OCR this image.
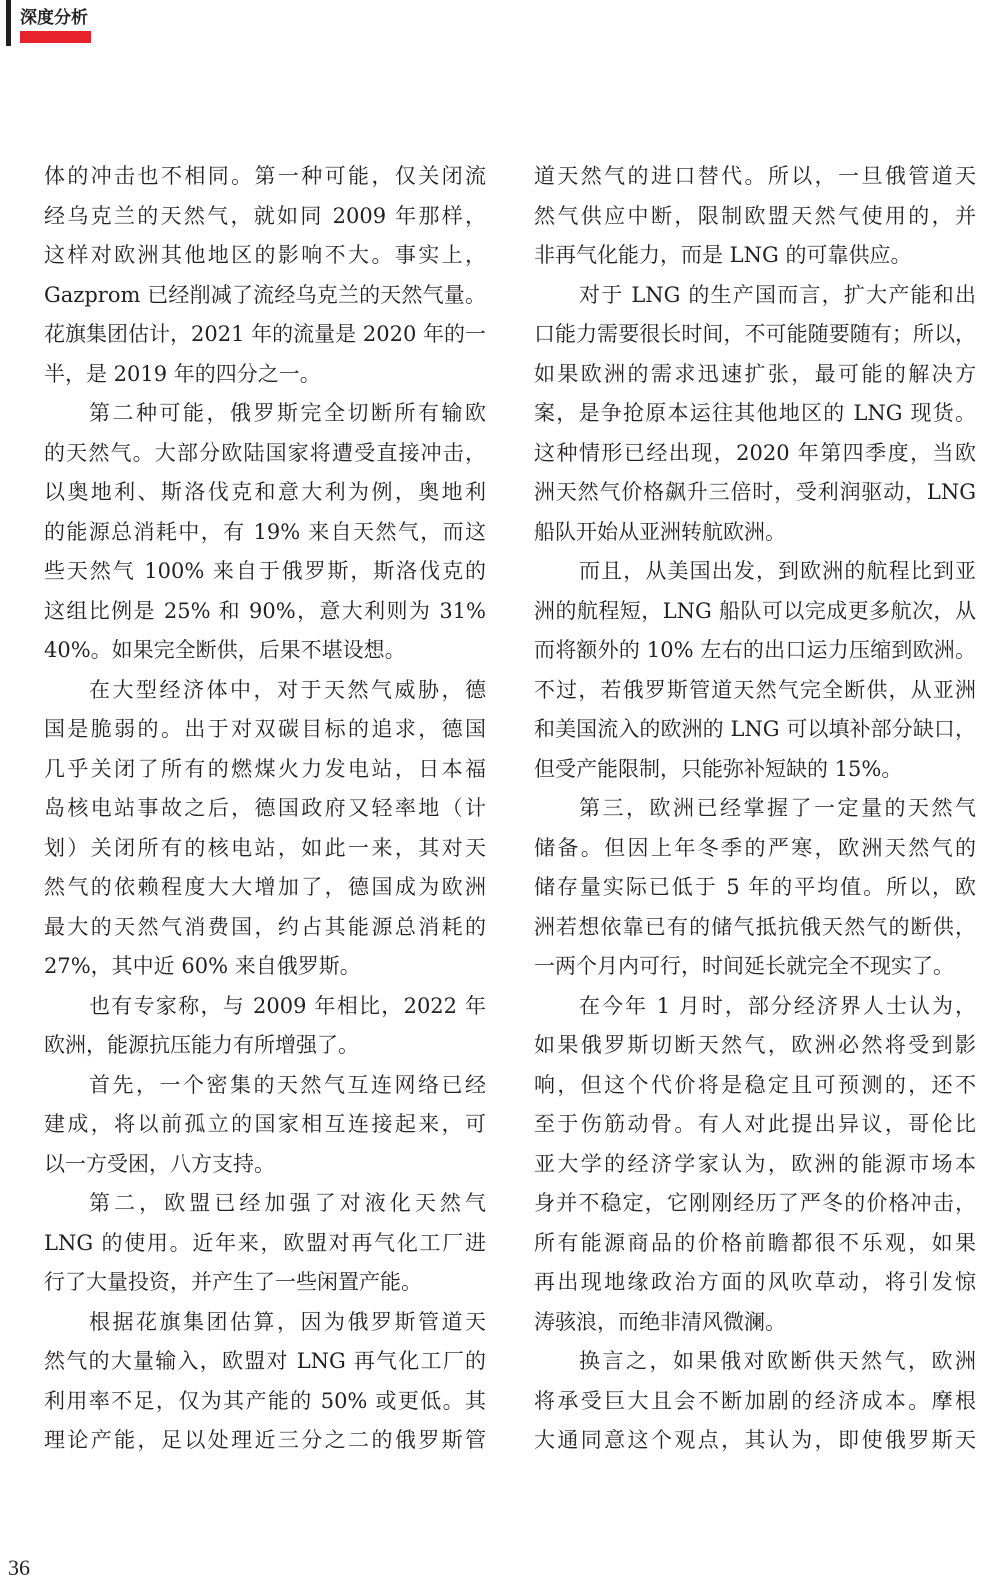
深度分析
体的冲击也不相同。第一种可能，仅关闭流
经乌克兰的天然气，就如同 2009 年那样，
这样对欧洲其他地区的影响不大。事实上，
Gazprom 已经削减了流经乌克兰的天然气量。
花旗集团估计，2021 年的流量是 2020 年的一
半，是 2019 年的四分之一。
第二种可能，俄罗斯完全切断所有输欧
的天然气。大部分欧陆国家将遭受直接冲击，
以奥地利、斯洛伐克和意大利为例，奥地利
的能源总消耗中，有 19% 来自天然气，而这
些天然气 100% 来自于俄罗斯，斯洛伐克的
这组比例是 25% 和 90%，意大利则为 31%
40%。如果完全断供，后果不堪设想。
在大型经济体中，对于天然气威胁，德
国是脆弱的。出于对双碳目标的追求，德国
几乎关闭了所有的燃煤火力发电站，日本福
岛核电站事故之后，德国政府又轻率地（计
划）关闭所有的核电站，如此一来，其对天
然气的依赖程度大大增加了，德国成为欧洲
最大的天然气消费国，约占其能源总消耗的
27%，其中近 60% 来自俄罗斯。
也有专家称，与 2009 年相比，2022 年
欧洲，能源抗压能力有所增强了。
首先，一个密集的天然气互连网络已经
建成，将以前孤立的国家相互连接起来，可
以一方受困，八方支持。
第二，欧盟已经加强了对液化天然气
LNG 的使用。近年来，欧盟对再气化工厂进
行了大量投资，并产生了一些闲置产能。
根据花旗集团估算，因为俄罗斯管道天
然气的大量输入，欧盟对 LNG 再气化工厂的
利用率不足，仅为其产能的 50% 或更低。其
理论产能，足以处理近三分之二的俄罗斯管
道天然气的进口替代。所以，一旦俄管道天
然气供应中断，限制欧盟天然气使用的，并
非再气化能力，而是 LNG 的可靠供应。
对于 LNG 的生产国而言，扩大产能和出
口能力需要很长时间，不可能随要随有；所以，
如果欧洲的需求迅速扩张，最可能的解决方
案，是争抢原本运往其他地区的 LNG 现货。
这种情形已经出现，2020 年第四季度，当欧
洲天然气价格飙升三倍时，受利润驱动，LNG
船队开始从亚洲转航欧洲。
而且，从美国出发，到欧洲的航程比到亚
洲的航程短，LNG 船队可以完成更多航次，从
而将额外的 10% 左右的出口运力压缩到欧洲。
不过，若俄罗斯管道天然气完全断供，从亚洲
和美国流入的欧洲的 LNG 可以填补部分缺口，
但受产能限制，只能弥补短缺的 15%。
第三，欧洲已经掌握了一定量的天然气
储备。但因上年冬季的严寒，欧洲天然气的
储存量实际已低于 5 年的平均值。所以，欧
洲若想依靠已有的储气抵抗俄天然气的断供，
一两个月内可行，时间延长就完全不现实了。
在今年 1 月时，部分经济界人士认为，
如果俄罗斯切断天然气，欧洲必然将受到影
响，但这个代价将是稳定且可预测的，还不
至于伤筋动骨。有人对此提出异议，哥伦比
亚大学的经济学家认为，欧洲的能源市场本
身并不稳定，它刚刚经历了严冬的价格冲击，
所有能源商品的价格前瞻都很不乐观，如果
再出现地缘政治方面的风吹草动，将引发惊
涛骇浪，而绝非清风微澜。
换言之，如果俄对欧断供天然气，欧洲
将承受巨大且会不断加剧的经济成本。摩根
大通同意这个观点，其认为，即使俄罗斯天
36
